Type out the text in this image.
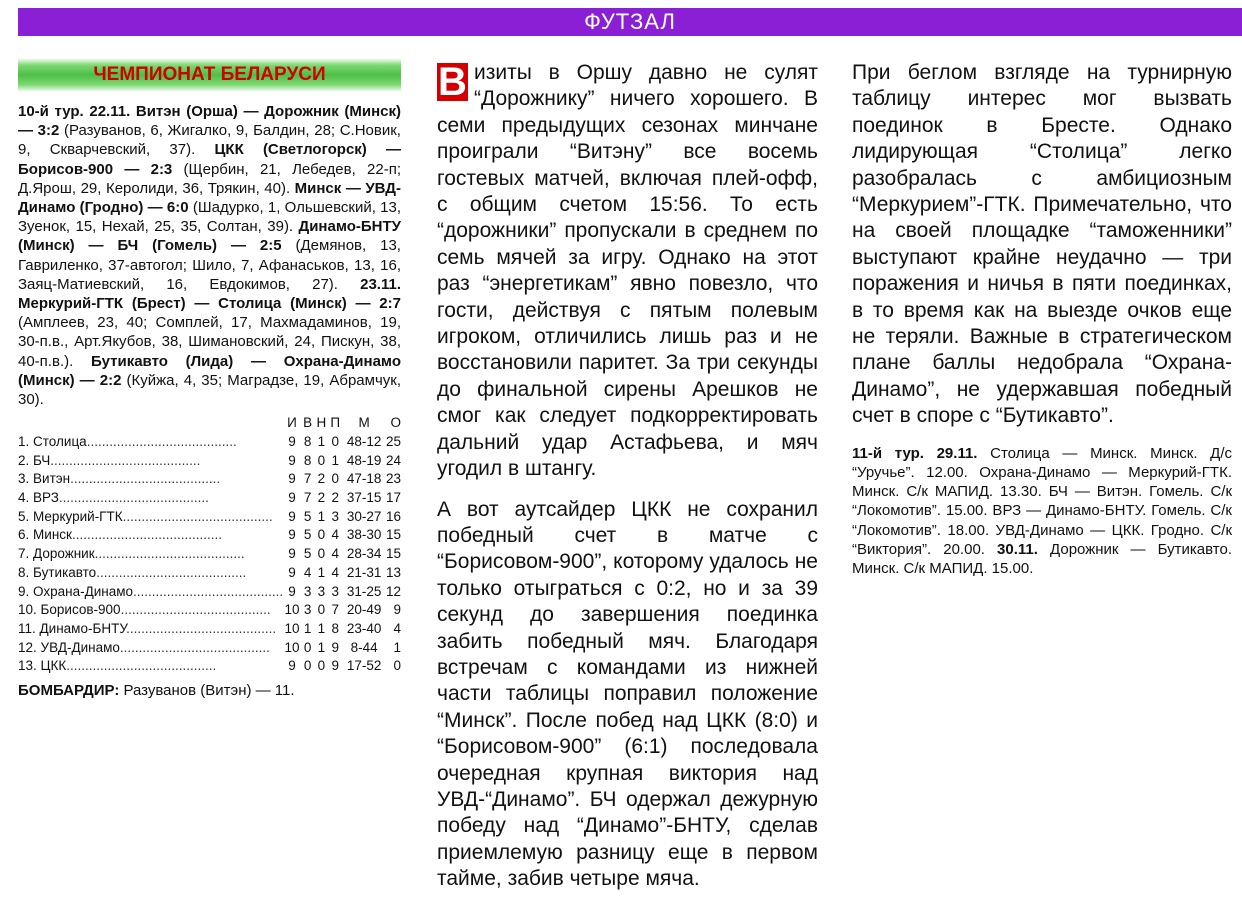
ФУТЗАЛ
ЧЕМПИОНАТ БЕЛАРУСИ
10-й тур. 22.11. Витэн (Орша) — Дорожник (Минск) — 3:2 (Разуванов, 6, Жигалко, 9, Балдин, 28; С.Новик, 9, Скварчевский, 37). ЦКК (Светлогорск) — Борисов-900 — 2:3 (Щербин, 21, Лебедев, 22-п; Д.Ярош, 29, Керолиди, 36, Трякин, 40). Минск — УВД-Динамо (Гродно) — 6:0 (Шадурко, 1, Ольшевский, 13, Зуенок, 15, Нехай, 25, 35, Солтан, 39). Динамо-БНТУ (Минск) — БЧ (Гомель) — 2:5 (Демянов, 13, Гавриленко, 37-автогол; Шило, 7, Афанаськов, 13, 16, Заяц-Матиевский, 16, Евдокимов, 27). 23.11. Меркурий-ГТК (Брест) — Столица (Минск) — 2:7 (Амплеев, 23, 40; Сомплей, 17, Махмадаминов, 19, 30-п.в., Арт.Якубов, 38, Шимановский, 24, Пискун, 38, 40-п.в.). Бутикавто (Лида) — Охрана-Динамо (Минск) — 2:2 (Куйжа, 4, 35; Маградзе, 19, Абрамчук, 30).
	И	В	Н	П	М	О
1. Столица........................................	9	8	1	0	48-12	25
2. БЧ........................................	9	8	0	1	48-19	24
3. Витэн........................................	9	7	2	0	47-18	23
4. ВРЗ........................................	9	7	2	2	37-15	17
5. Меркурий-ГТК........................................	9	5	1	3	30-27	16
6. Минск........................................	9	5	0	4	38-30	15
7. Дорожник........................................	9	5	0	4	28-34	15
8. Бутикавто........................................	9	4	1	4	21-31	13
9. Охрана-Динамо........................................	9	3	3	3	31-25	12
10. Борисов-900........................................	10	3	0	7	20-49	9
11. Динамо-БНТУ........................................	10	1	1	8	23-40	4
12. УВД-Динамо........................................	10	0	1	9	8-44	1
13. ЦКК........................................	9	0	0	9	17-52	0
БОМБАРДИР: Разуванов (Витэн) — 11.

В изиты в Оршу давно не сулят “Дорожнику” ничего хорошего. В семи предыдущих сезонах минчане проиграли “Витэну” все восемь гостевых матчей, включая плей-офф, с общим счетом 15:56. То есть “дорожники” пропускали в среднем по семь мячей за игру. Однако на этот раз “энергетикам” явно повезло, что гости, действуя с пятым полевым игроком, отличились лишь раз и не восстановили паритет. За три секунды до финальной сирены Арешков не смог как следует подкорректировать дальний удар Астафьева, и мяч угодил в штангу.

А вот аутсайдер ЦКК не сохранил победный счет в матче с “Борисовом-900”, которому удалось не только отыграться с 0:2, но и за 39 секунд до завершения поединка забить победный мяч. Благодаря встречам с командами из нижней части таблицы поправил положение “Минск”. После побед над ЦКК (8:0) и “Борисовом-900” (6:1) последовала очередная крупная виктория над УВД-“Динамо”. БЧ одержал дежурную победу над “Динамо”-БНТУ, сделав приемлемую разницу еще в первом тайме, забив четыре мяча.

При беглом взгляде на турнирную таблицу интерес мог вызвать поединок в Бресте. Однако лидирующая “Столица” легко разобралась с амбициозным “Меркурием”-ГТК. Примечательно, что на своей площадке “таможенники” выступают крайне неудачно — три поражения и ничья в пяти поединках, в то время как на выезде очков еще не теряли. Важные в стратегическом плане баллы недобрала “Охрана-Динамо”, не удержавшая победный счет в споре с “Бутикавто”.

11-й тур. 29.11. Столица — Минск. Минск. Д/с “Уручье”. 12.00. Охрана-Динамо — Меркурий-ГТК. Минск. С/к МАПИД. 13.30. БЧ — Витэн. Гомель. С/к “Локомотив”. 15.00. ВРЗ — Динамо-БНТУ. Гомель. С/к “Локомотив”. 18.00. УВД-Динамо — ЦКК. Гродно. С/к “Виктория”. 20.00. 30.11. Дорожник — Бутикавто. Минск. С/к МАПИД. 15.00.
